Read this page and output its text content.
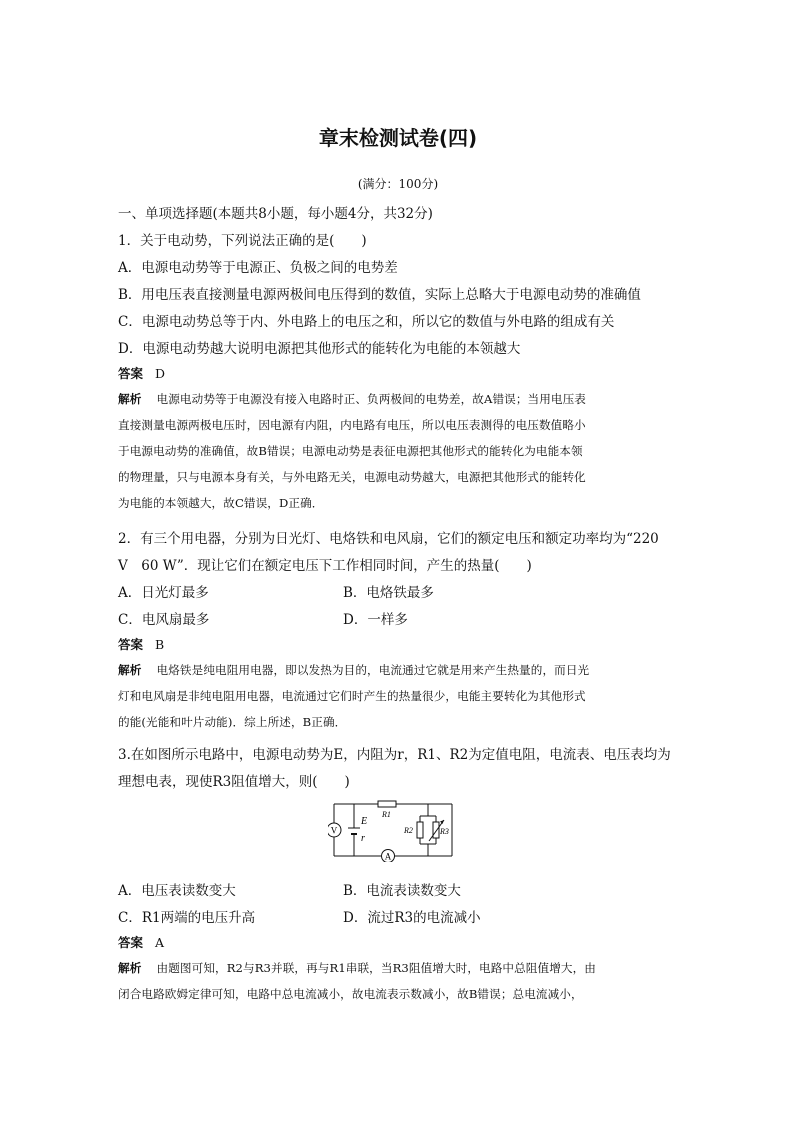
章末检测试卷(四)
(满分：100分)
一、单项选择题(本题共8小题，每小题4分，共32分)
1．关于电动势，下列说法正确的是(　　)
A．电源电动势等于电源正、负极之间的电势差
B．用电压表直接测量电源两极间电压得到的数值，实际上总略大于电源电动势的准确值
C．电源电动势总等于内、外电路上的电压之和，所以它的数值与外电路的组成有关
D．电源电动势越大说明电源把其他形式的能转化为电能的本领越大
答案 D
解析 电源电动势等于电源没有接入电路时正、负两极间的电势差，故A错误；当用电压表
直接测量电源两极电压时，因电源有内阻，内电路有电压，所以电压表测得的电压数值略小
于电源电动势的准确值，故B错误；电源电动势是表征电源把其他形式的能转化为电能本领
的物理量，只与电源本身有关，与外电路无关，电源电动势越大，电源把其他形式的能转化
为电能的本领越大，故C错误，D正确．
2．有三个用电器，分别为日光灯、电烙铁和电风扇，它们的额定电压和额定功率均为“220
V　60 W”．现让它们在额定电压下工作相同时间，产生的热量(　　)
A．日光灯最多	B．电烙铁最多
C．电风扇最多	D．一样多
答案 B
解析 电烙铁是纯电阻用电器，即以发热为目的，电流通过它就是用来产生热量的，而日光
灯和电风扇是非纯电阻用电器，电流通过它们时产生的热量很少，电能主要转化为其他形式
的能(光能和叶片动能)．综上所述，B正确．
3.在如图所示电路中，电源电动势为E，内阻为r，R1、R2为定值电阻，电流表、电压表均为
理想电表，现使R3阻值增大，则(　　)
V
A
E
r
R1
R2	R3
A．电压表读数变大	B．电流表读数变大
C．R1两端的电压升高	D．流过R3的电流减小
答案 A
解析 由题图可知，R2与R3并联，再与R1串联，当R3阻值增大时，电路中总阻值增大，由
闭合电路欧姆定律可知，电路中总电流减小，故电流表示数减小，故B错误；总电流减小，
